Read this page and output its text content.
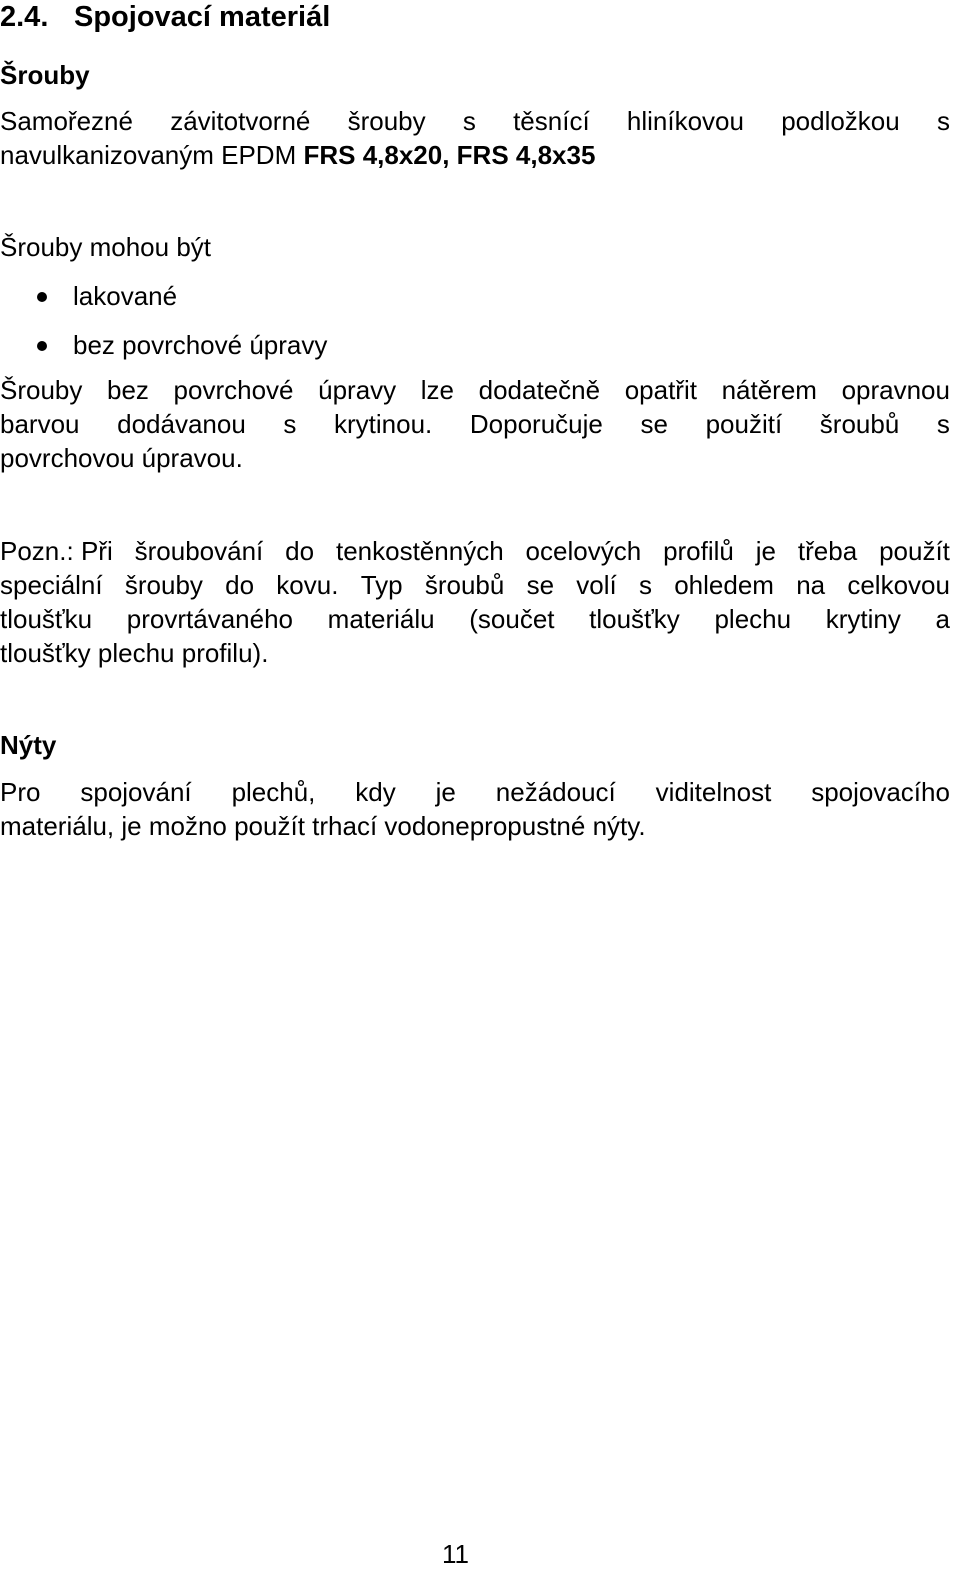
2.4. Spojovací materiál
Šrouby

Samořezné závitotvorné šrouby s těsnící hliníkovou podložkou s
navulkanizovaným EPDM FRS 4,8x20, FRS 4,8x35

Šrouby mohou být

lakované
bez povrchové úpravy

Šrouby bez povrchové úpravy lze dodatečně opatřit nátěrem opravnou
barvou dodávanou s krytinou. Doporučuje se použití šroubů s
povrchovou úpravou.

Pozn.: Při šroubování do tenkostěnných ocelových profilů je třeba použít
speciální šrouby do kovu. Typ šroubů se volí s ohledem na celkovou
tloušťku provrtávaného materiálu (součet tloušťky plechu krytiny a
tloušťky plechu profilu).

Nýty

Pro spojování plechů, kdy je nežádoucí viditelnost spojovacího
materiálu, je možno použít trhací vodonepropustné nýty.

11
